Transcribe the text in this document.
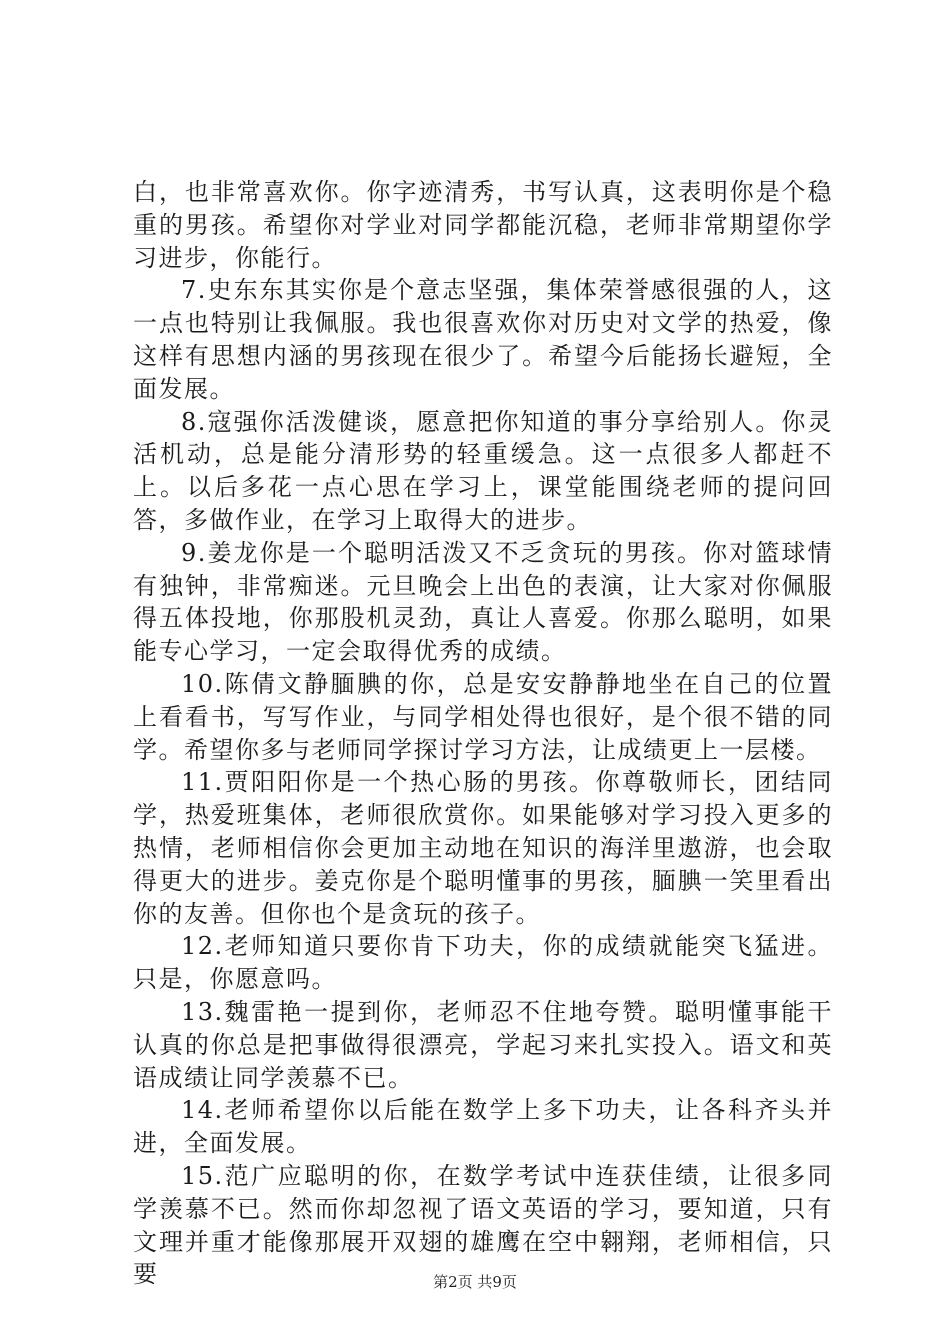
白，也非常喜欢你。你字迹清秀，书写认真，这表明你是个稳重的男孩。希望你对学业对同学都能沉稳，老师非常期望你学习进步，你能行。

7.史东东其实你是个意志坚强，集体荣誉感很强的人，这一点也特别让我佩服。我也很喜欢你对历史对文学的热爱，像这样有思想内涵的男孩现在很少了。希望今后能扬长避短，全面发展。

8.寇强你活泼健谈，愿意把你知道的事分享给别人。你灵活机动，总是能分清形势的轻重缓急。这一点很多人都赶不上。以后多花一点心思在学习上，课堂能围绕老师的提问回答，多做作业，在学习上取得大的进步。

9.姜龙你是一个聪明活泼又不乏贪玩的男孩。你对篮球情有独钟，非常痴迷。元旦晚会上出色的表演，让大家对你佩服得五体投地，你那股机灵劲，真让人喜爱。你那么聪明，如果能专心学习，一定会取得优秀的成绩。

10.陈倩文静腼腆的你，总是安安静静地坐在自己的位置上看看书，写写作业，与同学相处得也很好，是个很不错的同学。希望你多与老师同学探讨学习方法，让成绩更上一层楼。

11.贾阳阳你是一个热心肠的男孩。你尊敬师长，团结同学，热爱班集体，老师很欣赏你。如果能够对学习投入更多的热情，老师相信你会更加主动地在知识的海洋里遨游，也会取得更大的进步。姜克你是个聪明懂事的男孩，腼腆一笑里看出你的友善。但你也个是贪玩的孩子。

12.老师知道只要你肯下功夫，你的成绩就能突飞猛进。只是，你愿意吗。

13.魏雷艳一提到你，老师忍不住地夸赞。聪明懂事能干认真的你总是把事做得很漂亮，学起习来扎实投入。语文和英语成绩让同学羡慕不已。

14.老师希望你以后能在数学上多下功夫，让各科齐头并进，全面发展。

15.范广应聪明的你，在数学考试中连获佳绩，让很多同学羡慕不已。然而你却忽视了语文英语的学习，要知道，只有文理并重才能像那展开双翅的雄鹰在空中翱翔，老师相信，只要	第2页 共9页
